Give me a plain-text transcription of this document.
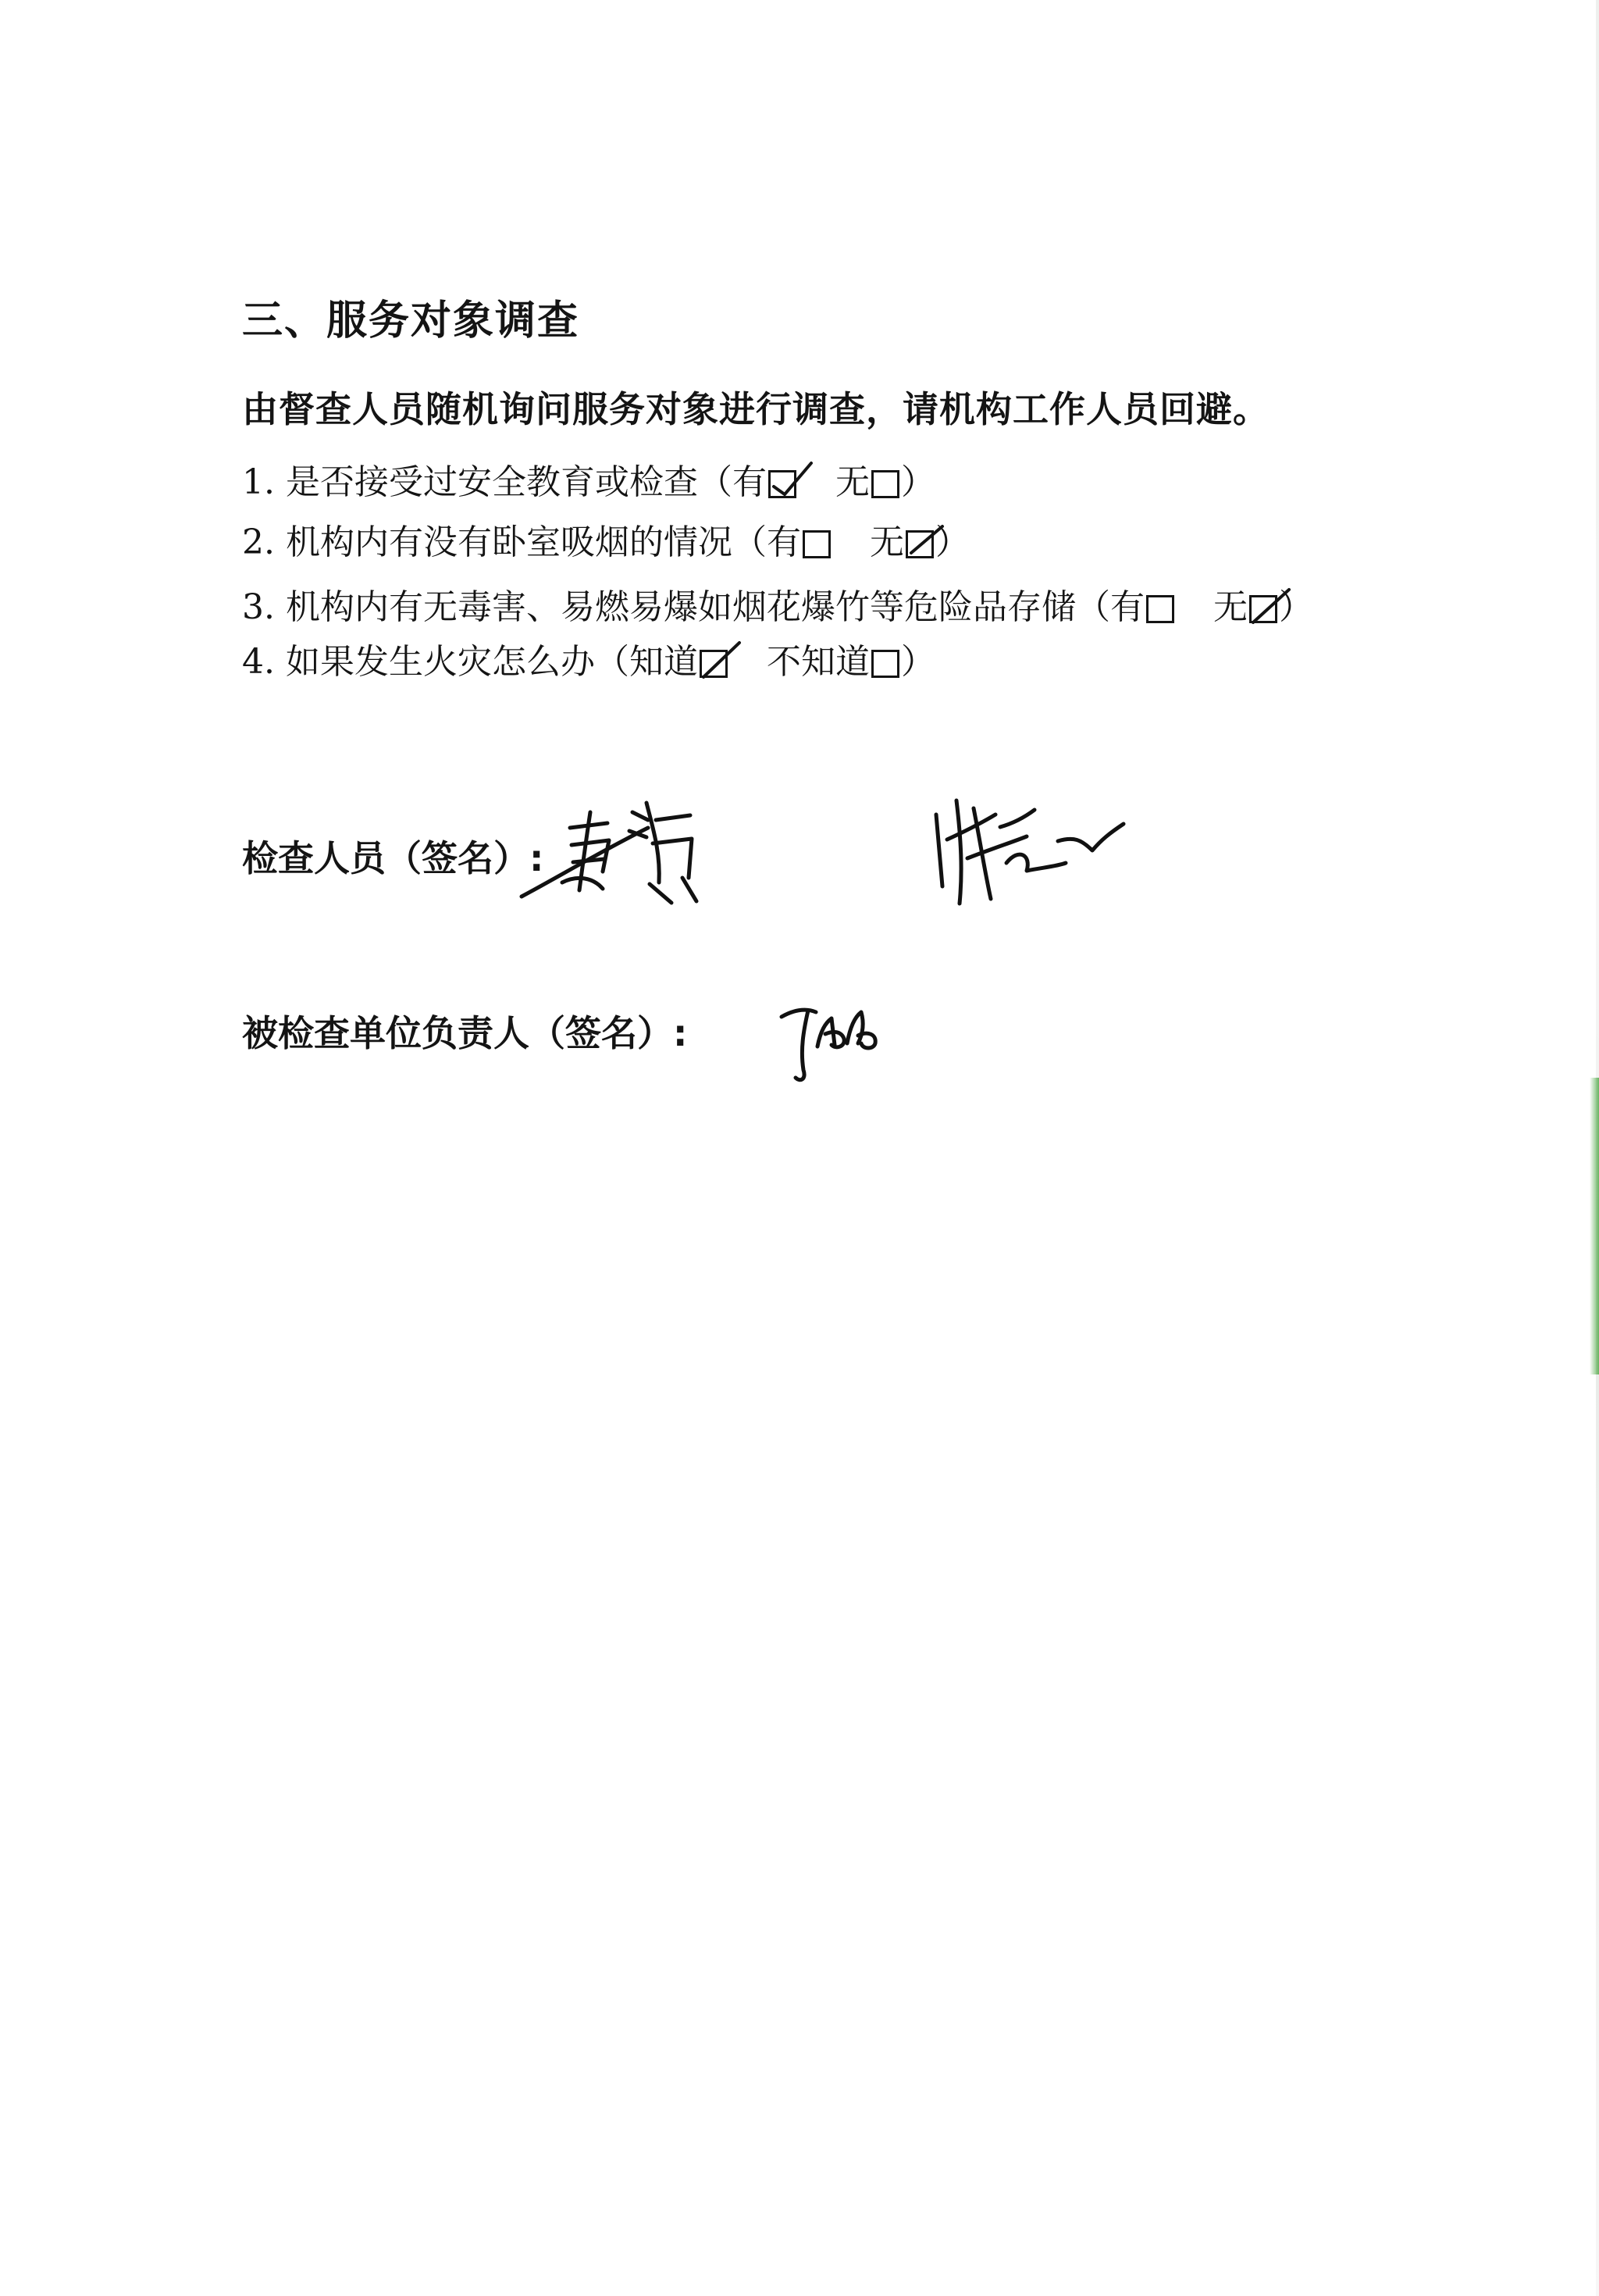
三、服务对象调查
由督查人员随机询问服务对象进行调查，请机构工作人员回避。
1. 是否接受过安全教育或检查（有 无 ）
2. 机构内有没有卧室吸烟的情况（有 无 ）
3. 机构内有无毒害、易燃易爆如烟花爆竹等危险品存储（有 无 ）
4. 如果发生火灾怎么办（知道 不知道 ）
检查人员（签名）:
被检查单位负责人（签名）:
